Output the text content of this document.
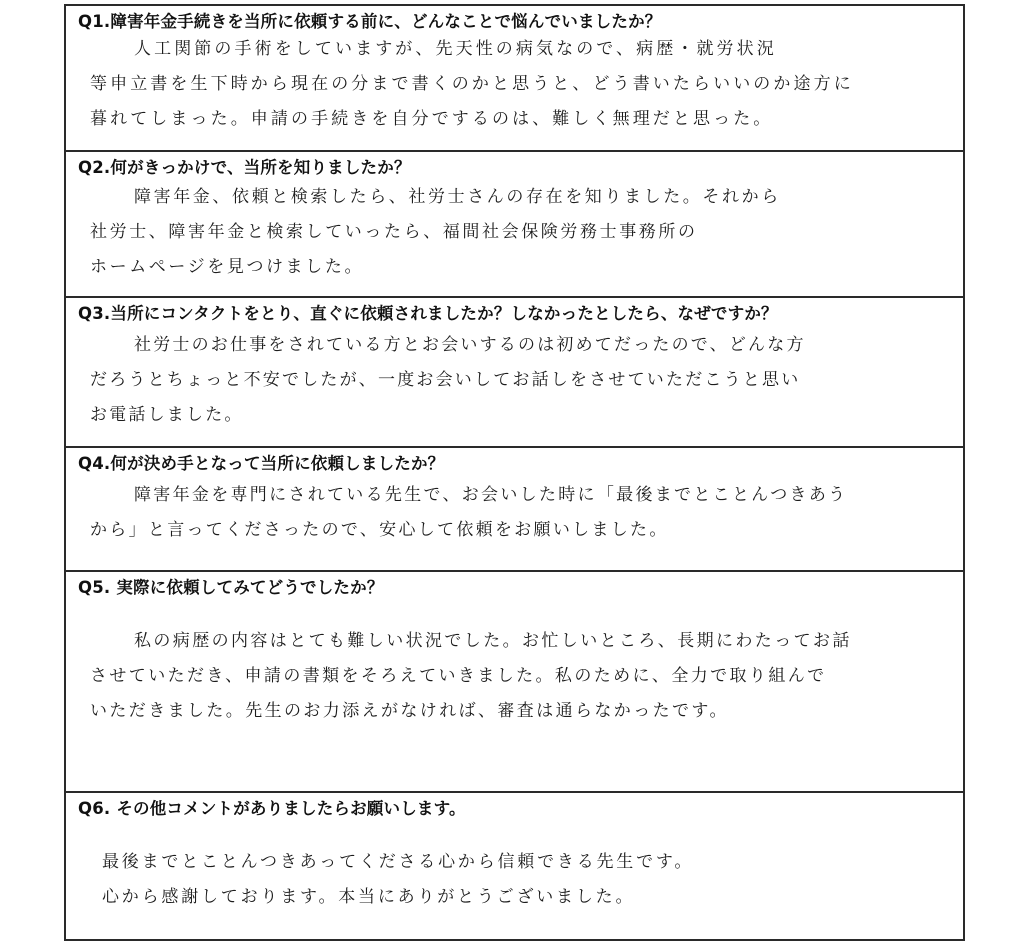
Q1.障害年金手続きを当所に依頼する前に、どんなことで悩んでいましたか？
人工関節の手術をしていますが、先天性の病気なので、病歴・就労状況
等申立書を生下時から現在の分まで書くのかと思うと、どう書いたらいいのか途方に
暮れてしまった。申請の手続きを自分でするのは、難しく無理だと思った。
Q2.何がきっかけで、当所を知りましたか？
障害年金、依頼と検索したら、社労士さんの存在を知りました。それから
社労士、障害年金と検索していったら、福間社会保険労務士事務所の
ホームページを見つけました。
Q3.当所にコンタクトをとり、直ぐに依頼されましたか？しなかったとしたら、なぜですか？
社労士のお仕事をされている方とお会いするのは初めてだったので、どんな方
だろうとちょっと不安でしたが、一度お会いしてお話しをさせていただこうと思い
お電話しました。
Q4.何が決め手となって当所に依頼しましたか？
障害年金を専門にされている先生で、お会いした時に「最後までとことんつきあう
から」と言ってくださったので、安心して依頼をお願いしました。
Q5. 実際に依頼してみてどうでしたか？
私の病歴の内容はとても難しい状況でした。お忙しいところ、長期にわたってお話
させていただき、申請の書類をそろえていきました。私のために、全力で取り組んで
いただきました。先生のお力添えがなければ、審査は通らなかったです。
Q6. その他コメントがありましたらお願いします。
最後までとことんつきあってくださる心から信頼できる先生です。
心から感謝しております。本当にありがとうございました。
